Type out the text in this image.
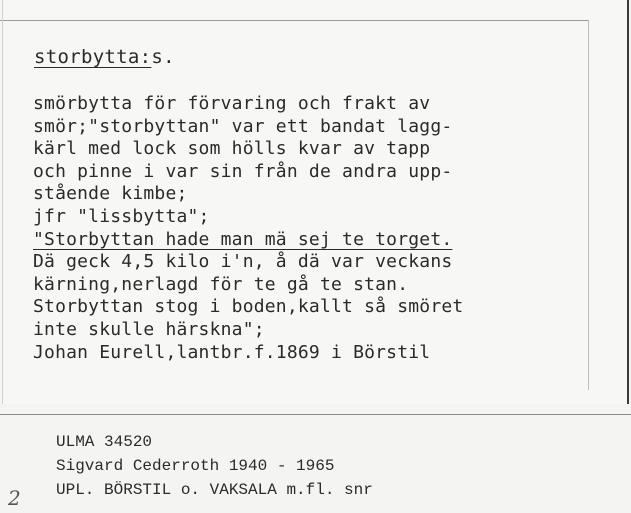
storbytta:s.
smörbytta för förvaring och frakt av
smör;"storbyttan" var ett bandat lagg-
kärl med lock som hölls kvar av tapp
och pinne i var sin från de andra upp-
stående kimbe;
jfr "lissbytta";
"Storbyttan hade man mä sej te torget.
Dä geck 4,5 kilo i'n, å dä var veckans
kärning,nerlagd för te gå te stan.
Storbyttan stog i boden,kallt så smöret
inte skulle härskna";
Johan Eurell,lantbr.f.1869 i Börstil
ULMA 34520
Sigvard Cederroth 1940 - 1965
UPL. BÖRSTIL o. VAKSALA m.fl. snr
2
